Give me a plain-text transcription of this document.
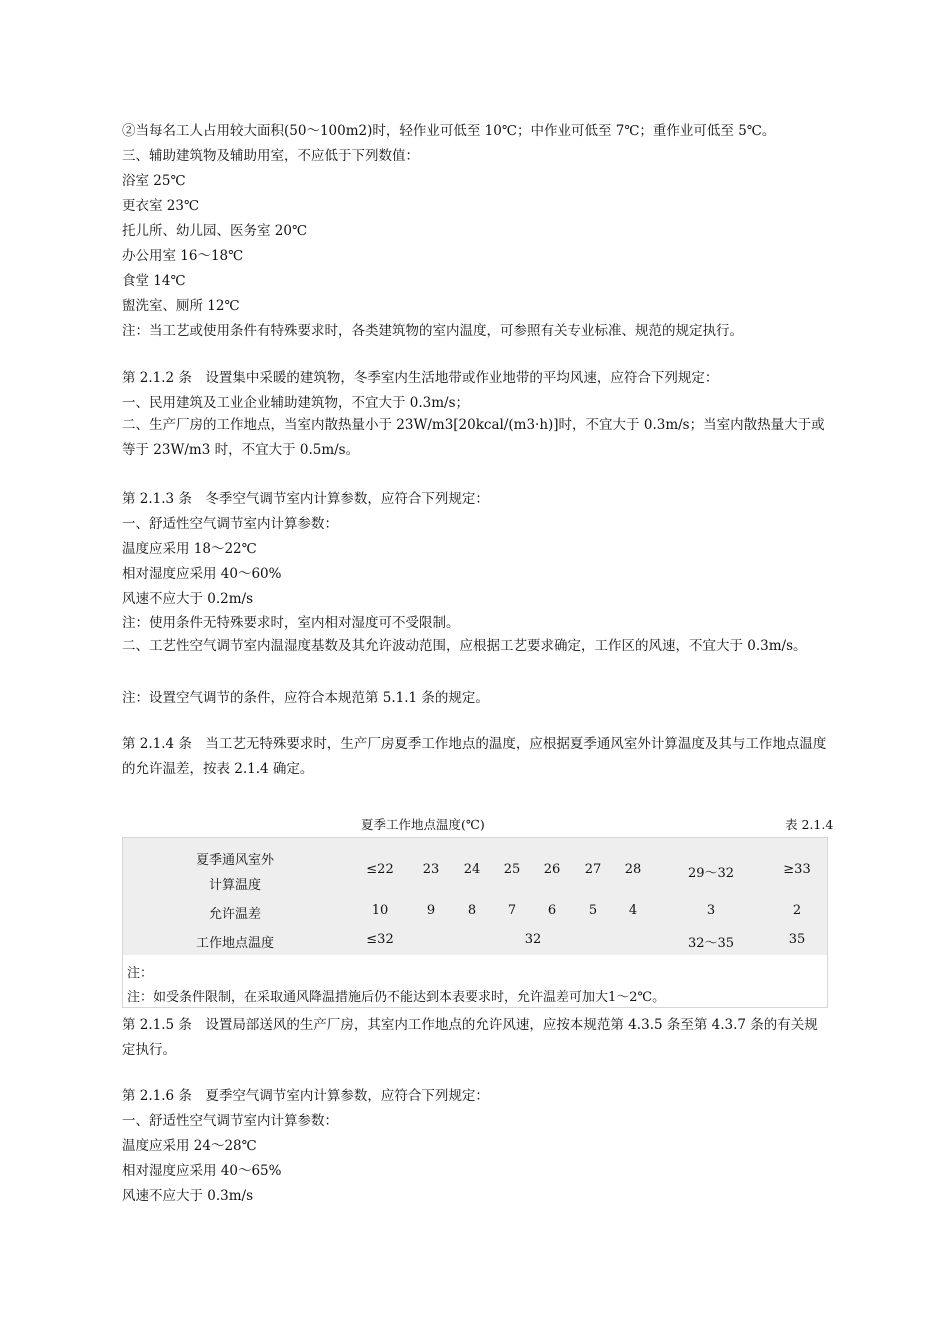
②当每名工人占用较大面积(50～100m2)时，轻作业可低至 10℃；中作业可低至 7℃；重作业可低至 5℃。
三、辅助建筑物及辅助用室，不应低于下列数值：
浴室 25℃
更衣室 23℃
托儿所、幼儿园、医务室 20℃
办公用室 16～18℃
食堂 14℃
盥洗室、厕所 12℃
注：当工艺或使用条件有特殊要求时，各类建筑物的室内温度，可参照有关专业标准、规范的规定执行。
第 2.1.2 条　设置集中采暖的建筑物，冬季室内生活地带或作业地带的平均风速，应符合下列规定：
一、民用建筑及工业企业辅助建筑物，不宜大于 0.3m/s；
二、生产厂房的工作地点，当室内散热量小于 23W/m3[20kcal/(m3·h)]时，不宜大于 0.3m/s；当室内散热量大于或等于 23W/m3 时，不宜大于 0.5m/s。
第 2.1.3 条　冬季空气调节室内计算参数，应符合下列规定：
一、舒适性空气调节室内计算参数：
温度应采用 18～22℃
相对湿度应采用 40～60%
风速不应大于 0.2m/s
注：使用条件无特殊要求时，室内相对湿度可不受限制。
二、工艺性空气调节室内温湿度基数及其允许波动范围，应根据工艺要求确定，工作区的风速，不宜大于 0.3m/s。
注：设置空气调节的条件，应符合本规范第 5.1.1 条的规定。
第 2.1.4 条　当工艺无特殊要求时，生产厂房夏季工作地点的温度，应根据夏季通风室外计算温度及其与工作地点温度的允许温差，按表 2.1.4 确定。
夏季工作地点温度(℃)	表 2.1.4
夏季通风室外
计算温度
≤22 23 24 25 26 27 28	29～32	≥33
允许温差	10	9	8 7 6	5 4	3	2
工作地点温度	≤32	32	32～35	35
注：
注：如受条件限制，在采取通风降温措施后仍不能达到本表要求时，允许温差可加大1～2℃。
第 2.1.5 条　设置局部送风的生产厂房，其室内工作地点的允许风速，应按本规范第 4.3.5 条至第 4.3.7 条的有关规定执行。
第 2.1.6 条　夏季空气调节室内计算参数，应符合下列规定：
一、舒适性空气调节室内计算参数：
温度应采用 24～28℃
相对湿度应采用 40～65%
风速不应大于 0.3m/s
